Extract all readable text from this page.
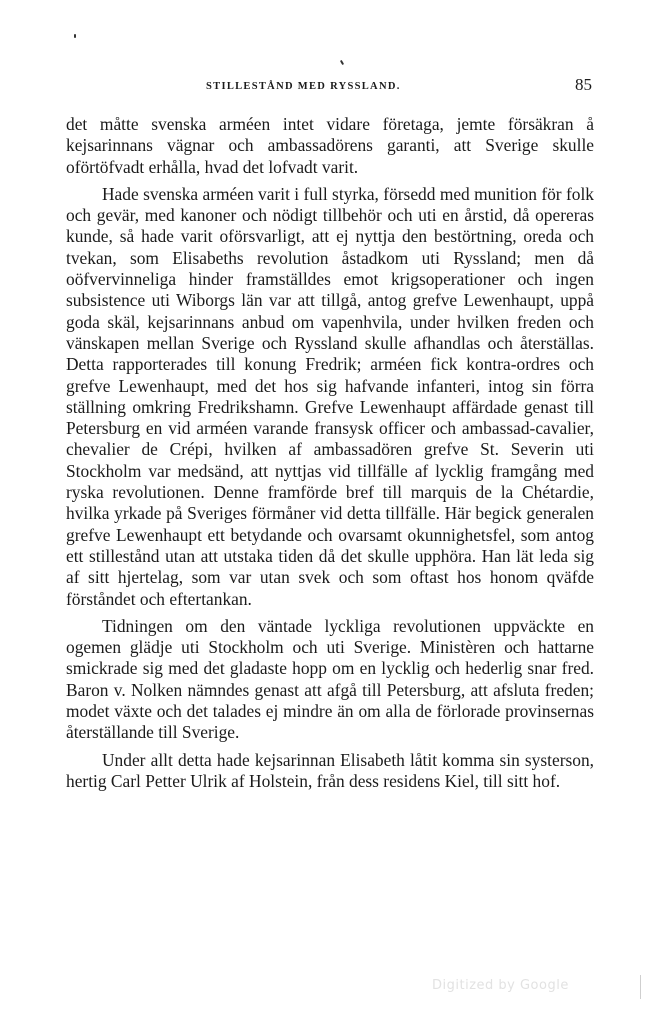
STILLESTÅND MED RYSSLAND.	85

det måtte svenska arméen intet vidare företaga, jemte försäkran å kejsarinnans vägnar och ambassadörens garanti, att Sverige skulle oförtöfvadt erhålla, hvad det lofvadt varit.

Hade svenska arméen varit i full styrka, försedd med munition för folk och gevär, med kanoner och nödigt tillbehör och uti en årstid, då opereras kunde, så hade varit oförsvarligt, att ej nyttja den bestörtning, oreda och tvekan, som Elisabeths revolution åstadkom uti Ryssland; men då oöfvervinneliga hinder framställdes emot krigsoperationer och ingen subsistence uti Wiborgs län var att tillgå, antog grefve Lewenhaupt, uppå goda skäl, kejsarinnans anbud om vapenhvila, under hvilken freden och vänskapen mellan Sverige och Ryssland skulle afhandlas och återställas. Detta rapporterades till konung Fredrik; arméen fick kontra-ordres och grefve Lewenhaupt, med det hos sig hafvande infanteri, intog sin förra ställning omkring Fredrikshamn. Grefve Lewenhaupt affärdade genast till Petersburg en vid arméen varande fransysk officer och ambassad-cavalier, chevalier de Crépi, hvilken af ambassadören grefve St. Severin uti Stockholm var medsänd, att nyttjas vid tillfälle af lycklig framgång med ryska revolutionen. Denne framförde bref till marquis de la Chétardie, hvilka yrkade på Sveriges förmåner vid detta tillfälle. Här begick generalen grefve Lewenhaupt ett betydande och ovarsamt okunnighetsfel, som antog ett stillestånd utan att utstaka tiden då det skulle upphöra. Han lät leda sig af sitt hjertelag, som var utan svek och som oftast hos honom qväfde förståndet och eftertankan.

Tidningen om den väntade lyckliga revolutionen uppväckte en ogemen glädje uti Stockholm och uti Sverige. Ministèren och hattarne smickrade sig med det gladaste hopp om en lycklig och hederlig snar fred. Baron v. Nolken nämndes genast att afgå till Petersburg, att afsluta freden; modet växte och det talades ej mindre än om alla de förlorade provinsernas återställande till Sverige.

Under allt detta hade kejsarinnan Elisabeth låtit komma sin systerson, hertig Carl Petter Ulrik af Holstein, från dess residens Kiel, till sitt hof.

Digitized by Google
